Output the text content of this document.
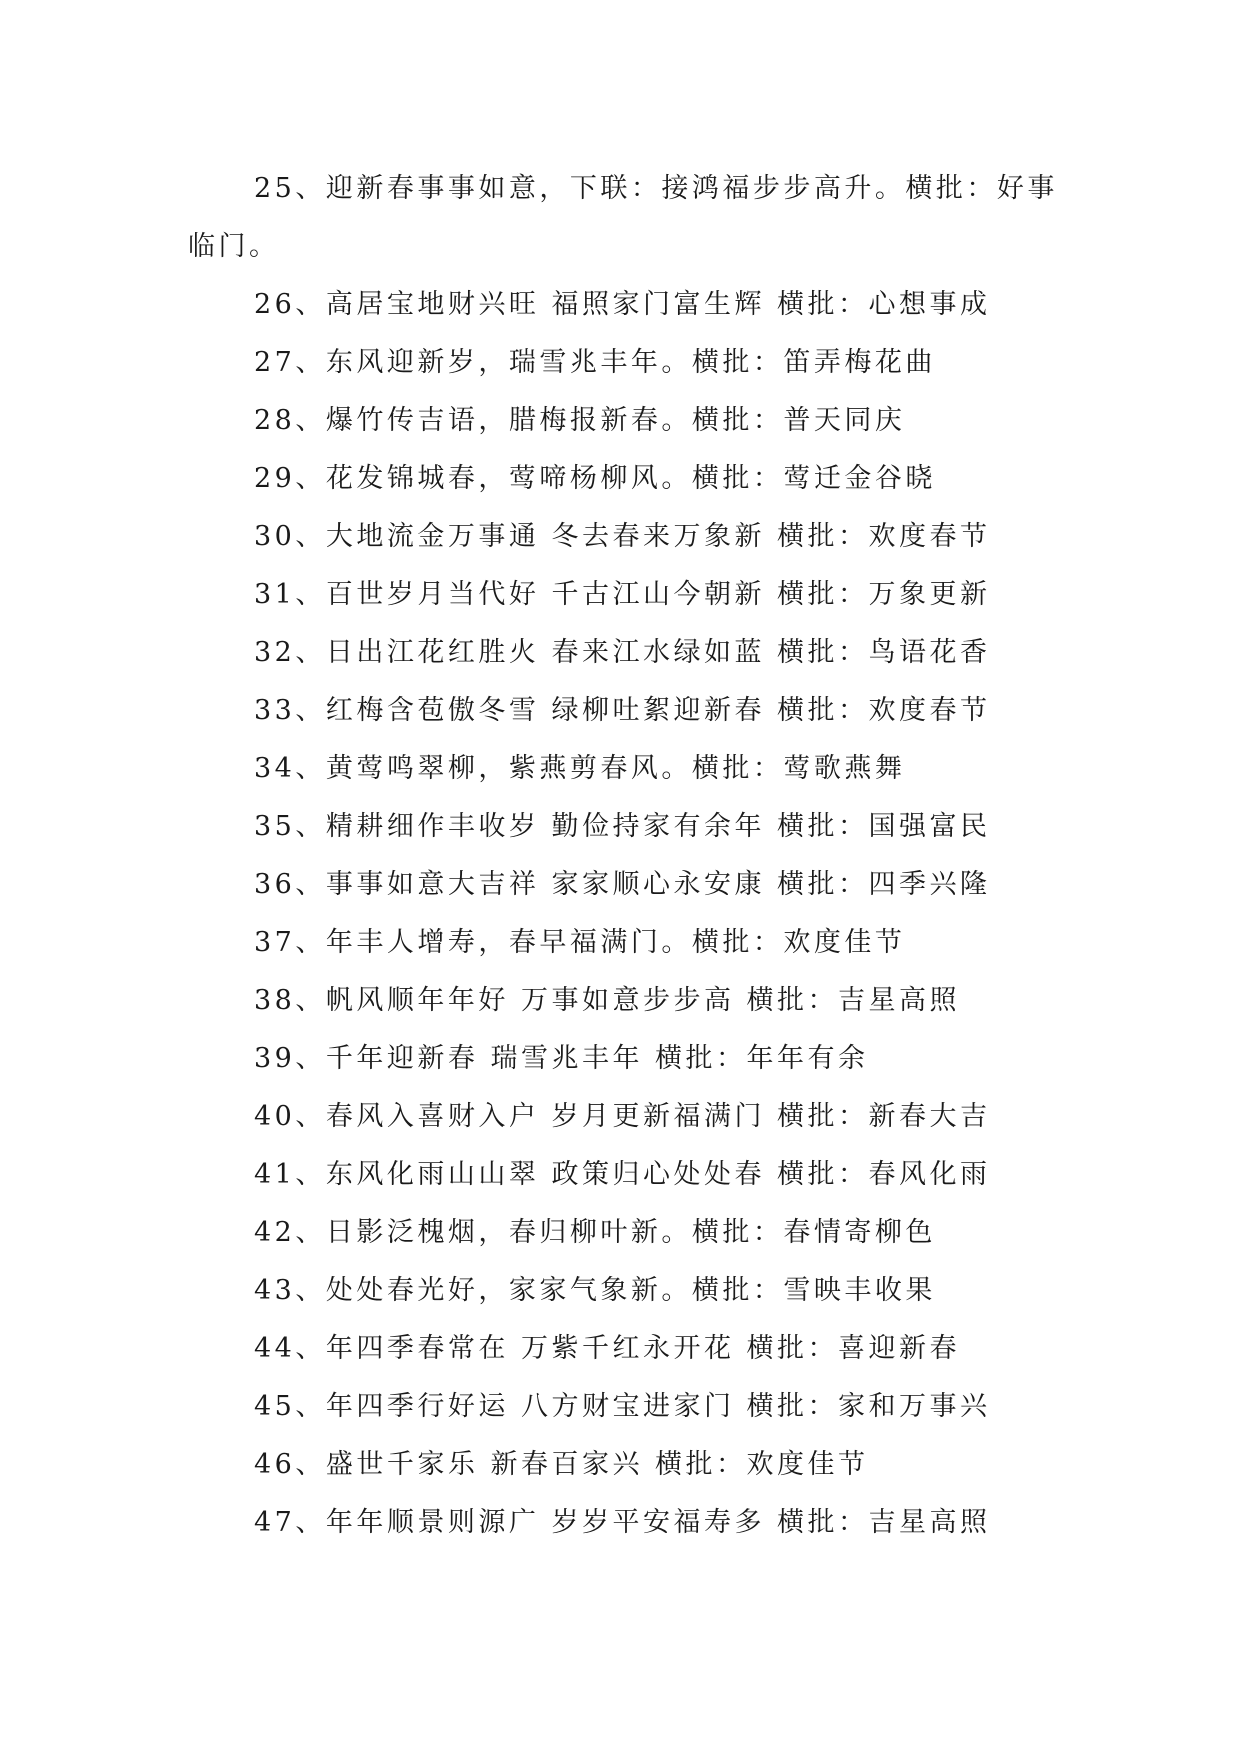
25、迎新春事事如意，下联：接鸿福步步高升。横批：好事临门。

26、高居宝地财兴旺 福照家门富生辉 横批：心想事成

27、东风迎新岁，瑞雪兆丰年。横批：笛弄梅花曲

28、爆竹传吉语，腊梅报新春。横批：普天同庆

29、花发锦城春，莺啼杨柳风。横批：莺迁金谷晓

30、大地流金万事通 冬去春来万象新 横批：欢度春节

31、百世岁月当代好 千古江山今朝新 横批：万象更新

32、日出江花红胜火 春来江水绿如蓝 横批：鸟语花香

33、红梅含苞傲冬雪 绿柳吐絮迎新春 横批：欢度春节

34、黄莺鸣翠柳，紫燕剪春风。横批：莺歌燕舞

35、精耕细作丰收岁 勤俭持家有余年 横批：国强富民

36、事事如意大吉祥 家家顺心永安康 横批：四季兴隆

37、年丰人增寿，春早福满门。横批：欢度佳节

38、帆风顺年年好 万事如意步步高 横批：吉星高照

39、千年迎新春 瑞雪兆丰年 横批：年年有余

40、春风入喜财入户 岁月更新福满门 横批：新春大吉

41、东风化雨山山翠 政策归心处处春 横批：春风化雨

42、日影泛槐烟，春归柳叶新。横批：春情寄柳色

43、处处春光好，家家气象新。横批：雪映丰收果

44、年四季春常在 万紫千红永开花 横批：喜迎新春

45、年四季行好运 八方财宝进家门 横批：家和万事兴

46、盛世千家乐 新春百家兴 横批：欢度佳节

47、年年顺景则源广 岁岁平安福寿多 横批：吉星高照
